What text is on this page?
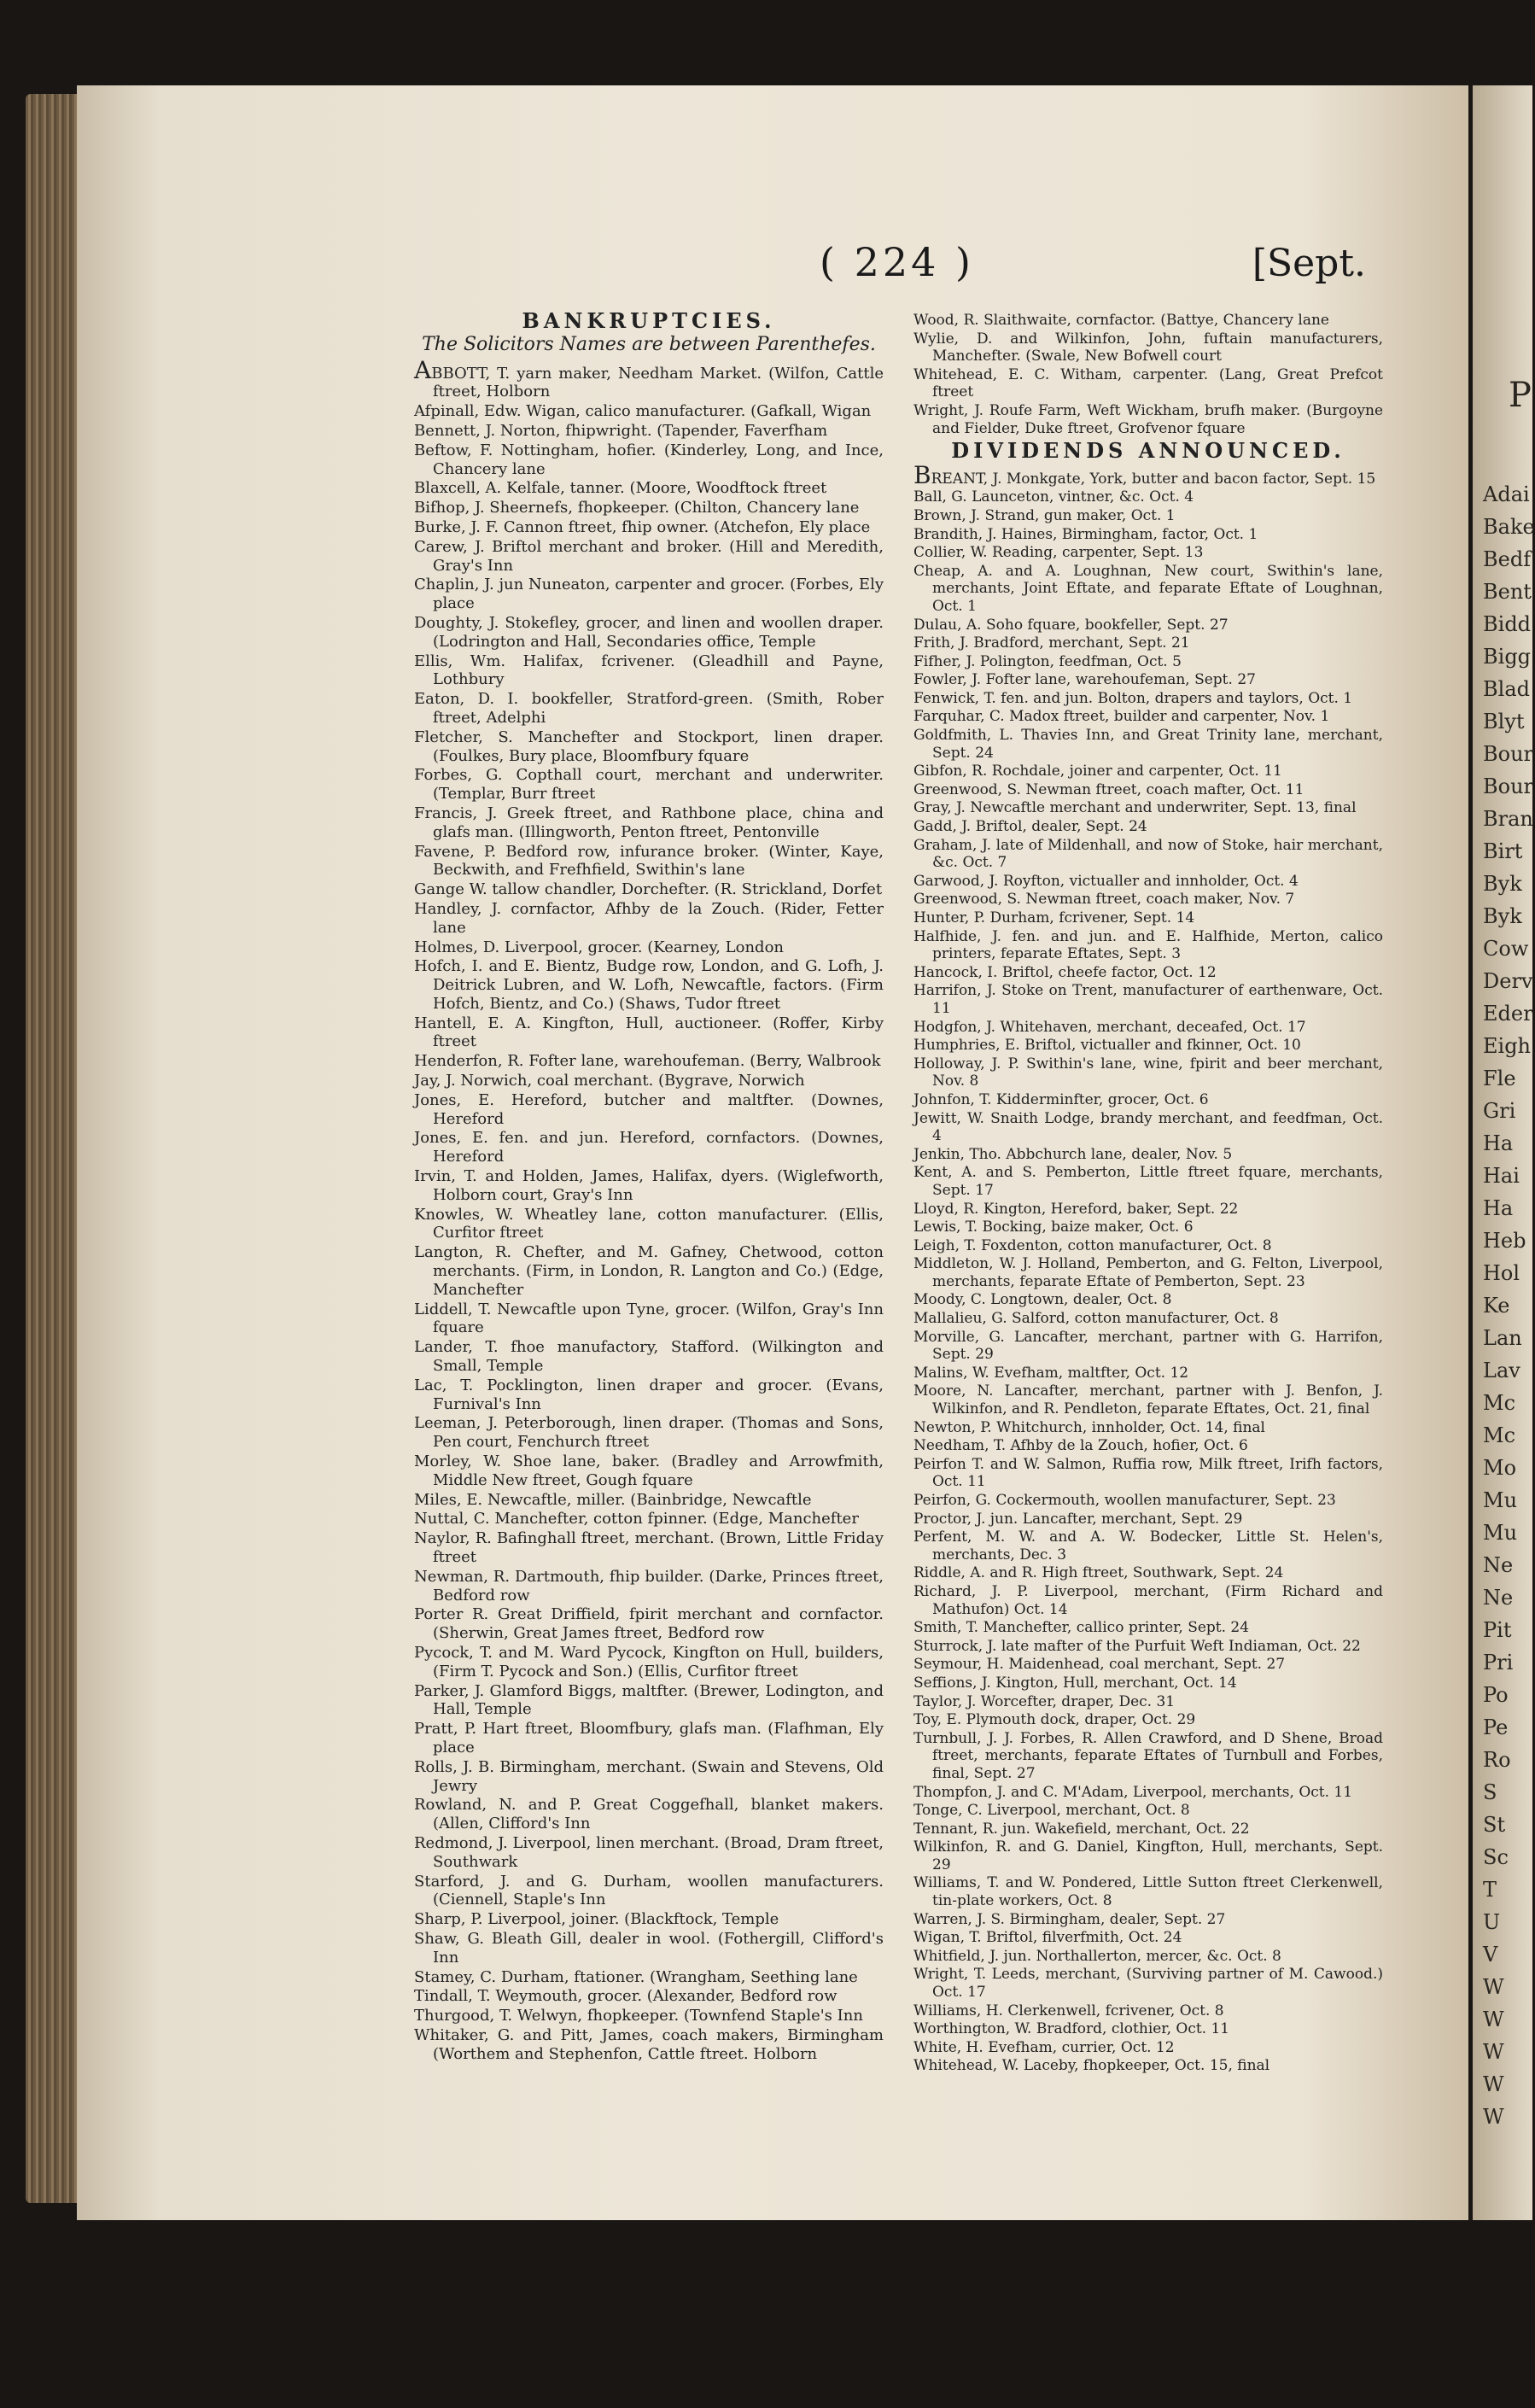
P
Adai
Bake
Bedf
Bent
Bidd
Bigg
Blad
Blyt
Bour
Bour
Bran
Birt
Byk
Byk
Cow
Derv
Eder
Eigh
Fle
Gri
Ha
Hai
Ha
Heb
Hol
Ke
Lan
Lav
Mc
Mc
Mo
Mu
Mu
Ne
Ne
Pit
Pri
Po
Pe
Ro
S
St
Sc
T
U
V
W
W
W
W
W
( 224 )	[Sept.
BANKRUPTCIES.
The Solicitors Names are between Parenthefes.
ABBOTT, T. yarn maker, Needham Market. (Wilfon, Cattle ftreet, Holborn
Afpinall, Edw. Wigan, calico manufacturer. (Gafkall, Wigan
Bennett, J. Norton, fhipwright. (Tapender, Faverfham
Beftow, F. Nottingham, hofier. (Kinderley, Long, and Ince, Chancery lane
Blaxcell, A. Kelfale, tanner. (Moore, Woodftock ftreet
Bifhop, J. Sheernefs, fhopkeeper. (Chilton, Chancery lane
Burke, J. F. Cannon ftreet, fhip owner. (Atchefon, Ely place
Carew, J. Briftol merchant and broker. (Hill and Meredith, Gray's Inn
Chaplin, J. jun Nuneaton, carpenter and grocer. (Forbes, Ely place
Doughty, J. Stokefley, grocer, and linen and woollen draper. (Lodrington and Hall, Secondaries office, Temple
Ellis, Wm. Halifax, fcrivener. (Gleadhill and Payne, Lothbury
Eaton, D. I. bookfeller, Stratford-green. (Smith, Rober ftreet, Adelphi
Fletcher, S. Manchefter and Stockport, linen draper. (Foulkes, Bury place, Bloomfbury fquare
Forbes, G. Copthall court, merchant and underwriter. (Templar, Burr ftreet
Francis, J. Greek ftreet, and Rathbone place, china and glafs man. (Illingworth, Penton ftreet, Pentonville
Favene, P. Bedford row, infurance broker. (Winter, Kaye, Beckwith, and Frefhfield, Swithin's lane
Gange W. tallow chandler, Dorchefter. (R. Strickland, Dorfet
Handley, J. cornfactor, Afhby de la Zouch. (Rider, Fetter lane
Holmes, D. Liverpool, grocer. (Kearney, London
Hofch, I. and E. Bientz, Budge row, London, and G. Lofh, J. Deitrick Lubren, and W. Lofh, Newcaftle, factors. (Firm Hofch, Bientz, and Co.) (Shaws, Tudor ftreet
Hantell, E. A. Kingfton, Hull, auctioneer. (Roffer, Kirby ftreet
Henderfon, R. Fofter lane, warehoufeman. (Berry, Walbrook
Jay, J. Norwich, coal merchant. (Bygrave, Norwich
Jones, E. Hereford, butcher and maltfter. (Downes, Hereford
Jones, E. fen. and jun. Hereford, cornfactors. (Downes, Hereford
Irvin, T. and Holden, James, Halifax, dyers. (Wiglefworth, Holborn court, Gray's Inn
Knowles, W. Wheatley lane, cotton manufacturer. (Ellis, Curfitor ftreet
Langton, R. Chefter, and M. Gafney, Chetwood, cotton merchants. (Firm, in London, R. Langton and Co.) (Edge, Manchefter
Liddell, T. Newcaftle upon Tyne, grocer. (Wilfon, Gray's Inn fquare
Lander, T. fhoe manufactory, Stafford. (Wilkington and Small, Temple
Lac, T. Pocklington, linen draper and grocer. (Evans, Furnival's Inn
Leeman, J. Peterborough, linen draper. (Thomas and Sons, Pen court, Fenchurch ftreet
Morley, W. Shoe lane, baker. (Bradley and Arrowfmith, Middle New ftreet, Gough fquare
Miles, E. Newcaftle, miller. (Bainbridge, Newcaftle
Nuttal, C. Manchefter, cotton fpinner. (Edge, Manchefter
Naylor, R. Bafinghall ftreet, merchant. (Brown, Little Friday ftreet
Newman, R. Dartmouth, fhip builder. (Darke, Princes ftreet, Bedford row
Porter R. Great Driffield, fpirit merchant and cornfactor. (Sherwin, Great James ftreet, Bedford row
Pycock, T. and M. Ward Pycock, Kingfton on Hull, builders, (Firm T. Pycock and Son.) (Ellis, Curfitor ftreet
Parker, J. Glamford Biggs, maltfter. (Brewer, Lodington, and Hall, Temple
Pratt, P. Hart ftreet, Bloomfbury, glafs man. (Flafhman, Ely place
Rolls, J. B. Birmingham, merchant. (Swain and Stevens, Old Jewry
Rowland, N. and P. Great Coggefhall, blanket makers. (Allen, Clifford's Inn
Redmond, J. Liverpool, linen merchant. (Broad, Dram ftreet, Southwark
Starford, J. and G. Durham, woollen manufacturers. (Ciennell, Staple's Inn
Sharp, P. Liverpool, joiner. (Blackftock, Temple
Shaw, G. Bleath Gill, dealer in wool. (Fothergill, Clifford's Inn
Stamey, C. Durham, ftationer. (Wrangham, Seething lane
Tindall, T. Weymouth, grocer. (Alexander, Bedford row
Thurgood, T. Welwyn, fhopkeeper. (Townfend Staple's Inn
Whitaker, G. and Pitt, James, coach makers, Birmingham (Worthem and Stephenfon, Cattle ftreet. Holborn
Wood, R. Slaithwaite, cornfactor. (Battye, Chancery lane
Wylie, D. and Wilkinfon, John, fuftain manufacturers, Manchefter. (Swale, New Bofwell court
Whitehead, E. C. Witham, carpenter. (Lang, Great Prefcot ftreet
Wright, J. Roufe Farm, Weft Wickham, brufh maker. (Burgoyne and Fielder, Duke ftreet, Grofvenor fquare
DIVIDENDS ANNOUNCED.
BREANT, J. Monkgate, York, butter and bacon factor, Sept. 15
Ball, G. Launceton, vintner, &c. Oct. 4
Brown, J. Strand, gun maker, Oct. 1
Brandith, J. Haines, Birmingham, factor, Oct. 1
Collier, W. Reading, carpenter, Sept. 13
Cheap, A. and A. Loughnan, New court, Swithin's lane, merchants, Joint Eftate, and feparate Eftate of Loughnan, Oct. 1
Dulau, A. Soho fquare, bookfeller, Sept. 27
Frith, J. Bradford, merchant, Sept. 21
Fifher, J. Polington, feedfman, Oct. 5
Fowler, J. Fofter lane, warehoufeman, Sept. 27
Fenwick, T. fen. and jun. Bolton, drapers and taylors, Oct. 1
Farquhar, C. Madox ftreet, builder and carpenter, Nov. 1
Goldfmith, L. Thavies Inn, and Great Trinity lane, merchant, Sept. 24
Gibfon, R. Rochdale, joiner and carpenter, Oct. 11
Greenwood, S. Newman ftreet, coach mafter, Oct. 11
Gray, J. Newcaftle merchant and underwriter, Sept. 13, final
Gadd, J. Briftol, dealer, Sept. 24
Graham, J. late of Mildenhall, and now of Stoke, hair merchant, &c. Oct. 7
Garwood, J. Royfton, victualler and innholder, Oct. 4
Greenwood, S. Newman ftreet, coach maker, Nov. 7
Hunter, P. Durham, fcrivener, Sept. 14
Halfhide, J. fen. and jun. and E. Halfhide, Merton, calico printers, feparate Eftates, Sept. 3
Hancock, I. Briftol, cheefe factor, Oct. 12
Harrifon, J. Stoke on Trent, manufacturer of earthenware, Oct. 11
Hodgfon, J. Whitehaven, merchant, deceafed, Oct. 17
Humphries, E. Briftol, victualler and fkinner, Oct. 10
Holloway, J. P. Swithin's lane, wine, fpirit and beer merchant, Nov. 8
Johnfon, T. Kidderminfter, grocer, Oct. 6
Jewitt, W. Snaith Lodge, brandy merchant, and feedfman, Oct. 4
Jenkin, Tho. Abbchurch lane, dealer, Nov. 5
Kent, A. and S. Pemberton, Little ftreet fquare, merchants, Sept. 17
Lloyd, R. Kington, Hereford, baker, Sept. 22
Lewis, T. Bocking, baize maker, Oct. 6
Leigh, T. Foxdenton, cotton manufacturer, Oct. 8
Middleton, W. J. Holland, Pemberton, and G. Felton, Liverpool, merchants, feparate Eftate of Pemberton, Sept. 23
Moody, C. Longtown, dealer, Oct. 8
Mallalieu, G. Salford, cotton manufacturer, Oct. 8
Morville, G. Lancafter, merchant, partner with G. Harrifon, Sept. 29
Malins, W. Evefham, maltfter, Oct. 12
Moore, N. Lancafter, merchant, partner with J. Benfon, J. Wilkinfon, and R. Pendleton, feparate Eftates, Oct. 21, final
Newton, P. Whitchurch, innholder, Oct. 14, final
Needham, T. Afhby de la Zouch, hofier, Oct. 6
Peirfon T. and W. Salmon, Ruffia row, Milk ftreet, Irifh factors, Oct. 11
Peirfon, G. Cockermouth, woollen manufacturer, Sept. 23
Proctor, J. jun. Lancafter, merchant, Sept. 29
Perfent, M. W. and A. W. Bodecker, Little St. Helen's, merchants, Dec. 3
Riddle, A. and R. High ftreet, Southwark, Sept. 24
Richard, J. P. Liverpool, merchant, (Firm Richard and Mathufon) Oct. 14
Smith, T. Manchefter, callico printer, Sept. 24
Sturrock, J. late mafter of the Purfuit Weft Indiaman, Oct. 22
Seymour, H. Maidenhead, coal merchant, Sept. 27
Seffions, J. Kington, Hull, merchant, Oct. 14
Taylor, J. Worcefter, draper, Dec. 31
Toy, E. Plymouth dock, draper, Oct. 29
Turnbull, J. J. Forbes, R. Allen Crawford, and D Shene, Broad ftreet, merchants, feparate Eftates of Turnbull and Forbes, final, Sept. 27
Thompfon, J. and C. M'Adam, Liverpool, merchants, Oct. 11
Tonge, C. Liverpool, merchant, Oct. 8
Tennant, R. jun. Wakefield, merchant, Oct. 22
Wilkinfon, R. and G. Daniel, Kingfton, Hull, merchants, Sept. 29
Williams, T. and W. Pondered, Little Sutton ftreet Clerkenwell, tin-plate workers, Oct. 8
Warren, J. S. Birmingham, dealer, Sept. 27
Wigan, T. Briftol, filverfmith, Oct. 24
Whitfield, J. jun. Northallerton, mercer, &c. Oct. 8
Wright, T. Leeds, merchant, (Surviving partner of M. Cawood.) Oct. 17
Williams, H. Clerkenwell, fcrivener, Oct. 8
Worthington, W. Bradford, clothier, Oct. 11
White, H. Evefham, currier, Oct. 12
Whitehead, W. Laceby, fhopkeeper, Oct. 15, final
